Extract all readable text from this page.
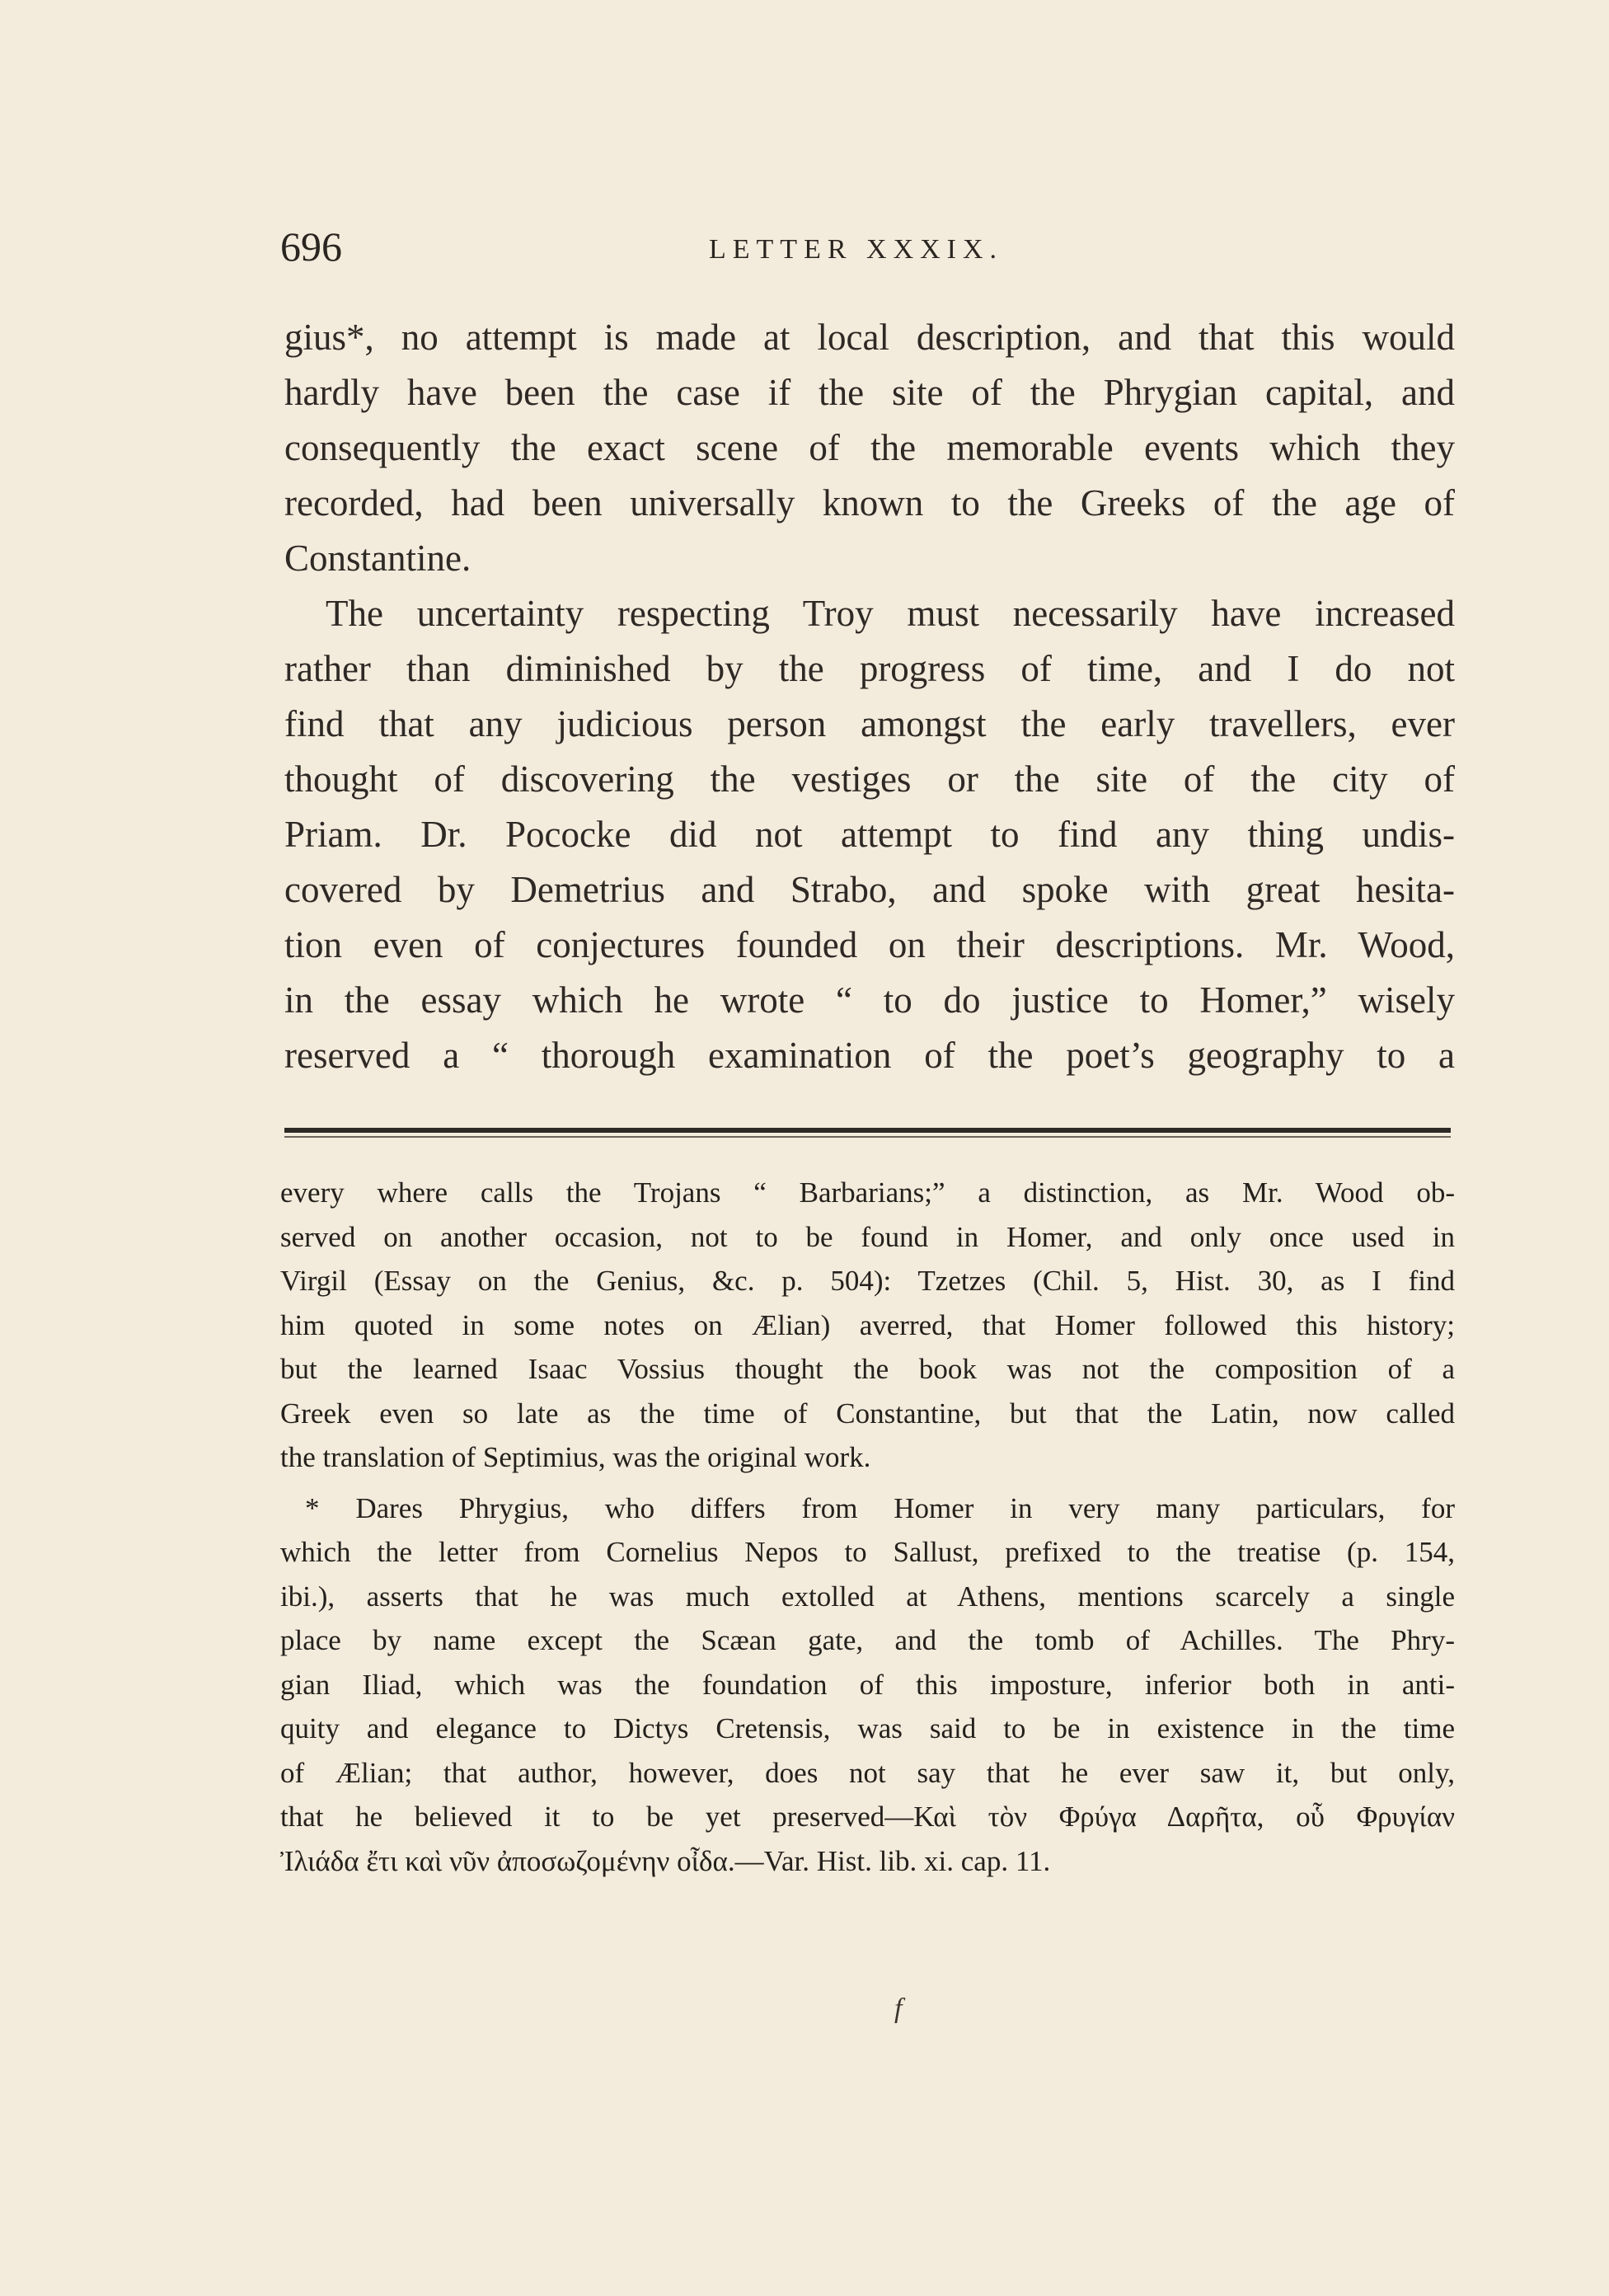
696	LETTER XXXIX.
gius*, no attempt is made at local description, and that this would
hardly have been the case if the site of the Phrygian capital, and
consequently the exact scene of the memorable events which they
recorded, had been universally known to the Greeks of the age of
Constantine.
The uncertainty respecting Troy must necessarily have increased
rather than diminished by the progress of time, and I do not
find that any judicious person amongst the early travellers, ever
thought of discovering the vestiges or the site of the city of
Priam. Dr. Pococke did not attempt to find any thing undis-
covered by Demetrius and Strabo, and spoke with great hesita-
tion even of conjectures founded on their descriptions. Mr. Wood,
in the essay which he wrote “ to do justice to Homer,” wisely
reserved a “ thorough examination of the poet’s geography to a
every where calls the Trojans “ Barbarians;” a distinction, as Mr. Wood ob-
served on another occasion, not to be found in Homer, and only once used in
Virgil (Essay on the Genius, &c. p. 504): Tzetzes (Chil. 5, Hist. 30, as I find
him quoted in some notes on Ælian) averred, that Homer followed this history;
but the learned Isaac Vossius thought the book was not the composition of a
Greek even so late as the time of Constantine, but that the Latin, now called
the translation of Septimius, was the original work.
* Dares Phrygius, who differs from Homer in very many particulars, for
which the letter from Cornelius Nepos to Sallust, prefixed to the treatise (p. 154,
ibi.), asserts that he was much extolled at Athens, mentions scarcely a single
place by name except the Scæan gate, and the tomb of Achilles. The Phry-
gian Iliad, which was the foundation of this imposture, inferior both in anti-
quity and elegance to Dictys Cretensis, was said to be in existence in the time
of Ælian; that author, however, does not say that he ever saw it, but only,
that he believed it to be yet preserved—Καὶ τὸν Φρύγα Δαρῆτα, οὗ Φρυγίαν
Ἰλιάδα ἔτι καὶ νῦν ἀποσωζομένην οἶδα.—Var. Hist. lib. xi. cap. 11.
f
